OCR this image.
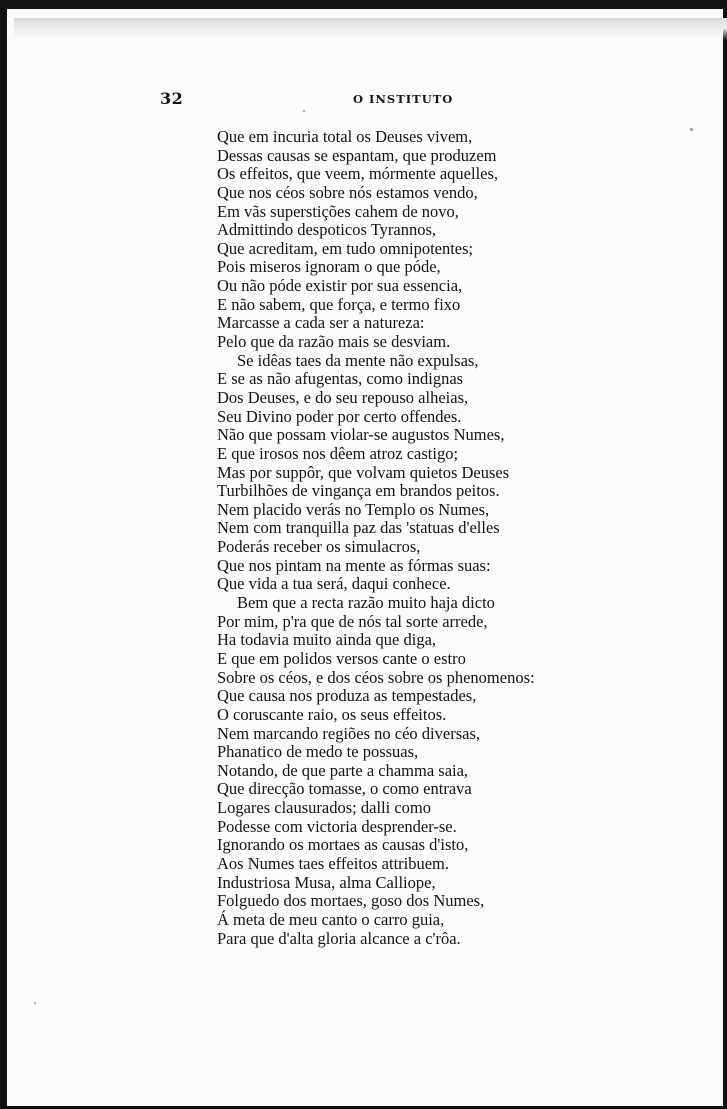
32	O INSTITUTO
Que em incuria total os Deuses vivem,
Dessas causas se espantam, que produzem
Os effeitos, que veem, mórmente aquelles,
Que nos céos sobre nós estamos vendo,
Em vãs superstições cahem de novo,
Admittindo despoticos Tyrannos,
Que acreditam, em tudo omnipotentes;
Pois miseros ignoram o que póde,
Ou não póde existir por sua essencia,
E não sabem, que força, e termo fixo
Marcasse a cada ser a natureza:
Pelo que da razão mais se desviam.
Se idêas taes da mente não expulsas,
E se as não afugentas, como indignas
Dos Deuses, e do seu repouso alheias,
Seu Divino poder por certo offendes.
Não que possam violar-se augustos Numes,
E que irosos nos dêem atroz castigo;
Mas por suppôr, que volvam quietos Deuses
Turbilhões de vingança em brandos peitos.
Nem placido verás no Templo os Numes,
Nem com tranquilla paz das 'statuas d'elles
Poderás receber os simulacros,
Que nos pintam na mente as fórmas suas:
Que vida a tua será, daqui conhece.
Bem que a recta razão muito haja dicto
Por mim, p'ra que de nós tal sorte arrede,
Ha todavia muito ainda que diga,
E que em polidos versos cante o estro
Sobre os céos, e dos céos sobre os phenomenos:
Que causa nos produza as tempestades,
O coruscante raio, os seus effeitos.
Nem marcando regiões no céo diversas,
Phanatico de medo te possuas,
Notando, de que parte a chamma saia,
Que direcção tomasse, o como entrava
Logares clausurados; dalli como
Podesse com victoria desprender-se.
Ignorando os mortaes as causas d'isto,
Aos Numes taes effeitos attribuem.
Industriosa Musa, alma Calliope,
Folguedo dos mortaes, goso dos Numes,
Á meta de meu canto o carro guia,
Para que d'alta gloria alcance a c'rôa.
